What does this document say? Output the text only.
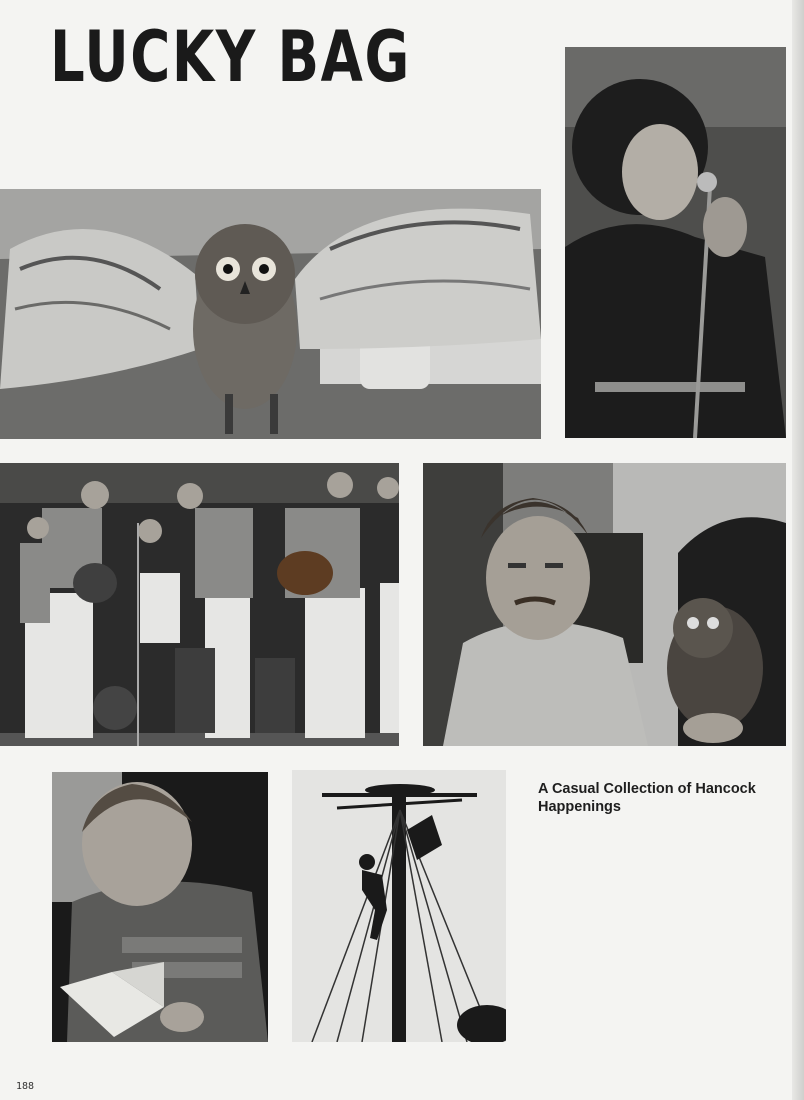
LUCKY BAG

A Casual Collection of Hancock Happenings

188
